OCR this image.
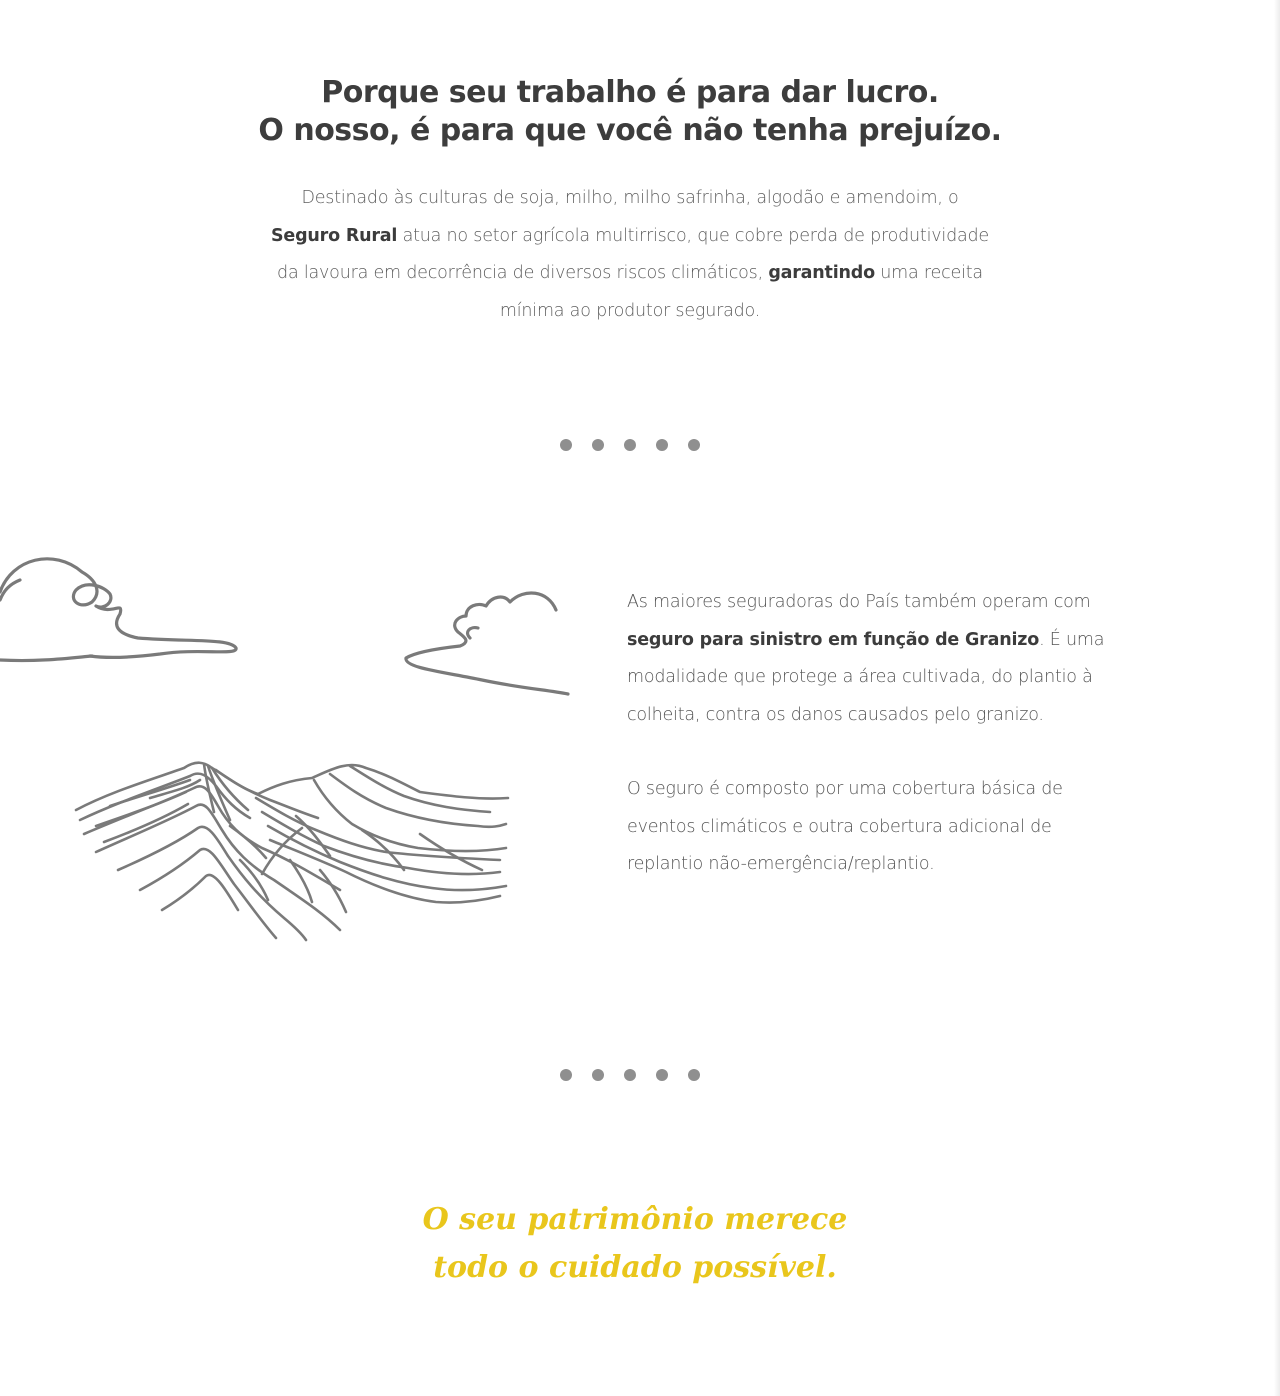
Porque seu trabalho é para dar lucro.
O nosso, é para que você não tenha prejuízo.
Destinado às culturas de soja, milho, milho safrinha, algodão e amendoim, o Seguro Rural atua no setor agrícola multirrisco, que cobre perda de produtividade da lavoura em decorrência de diversos riscos climáticos, garantindo uma receita mínima ao produtor segurado.

As maiores seguradoras do País também operam com seguro para sinistro em função de Granizo. É uma modalidade que protege a área cultivada, do plantio à colheita, contra os danos causados pelo granizo.

O seguro é composto por uma cobertura básica de eventos climáticos e outra cobertura adicional de replantio não-emergência/replantio.

O seu patrimônio merece
todo o cuidado possível.
